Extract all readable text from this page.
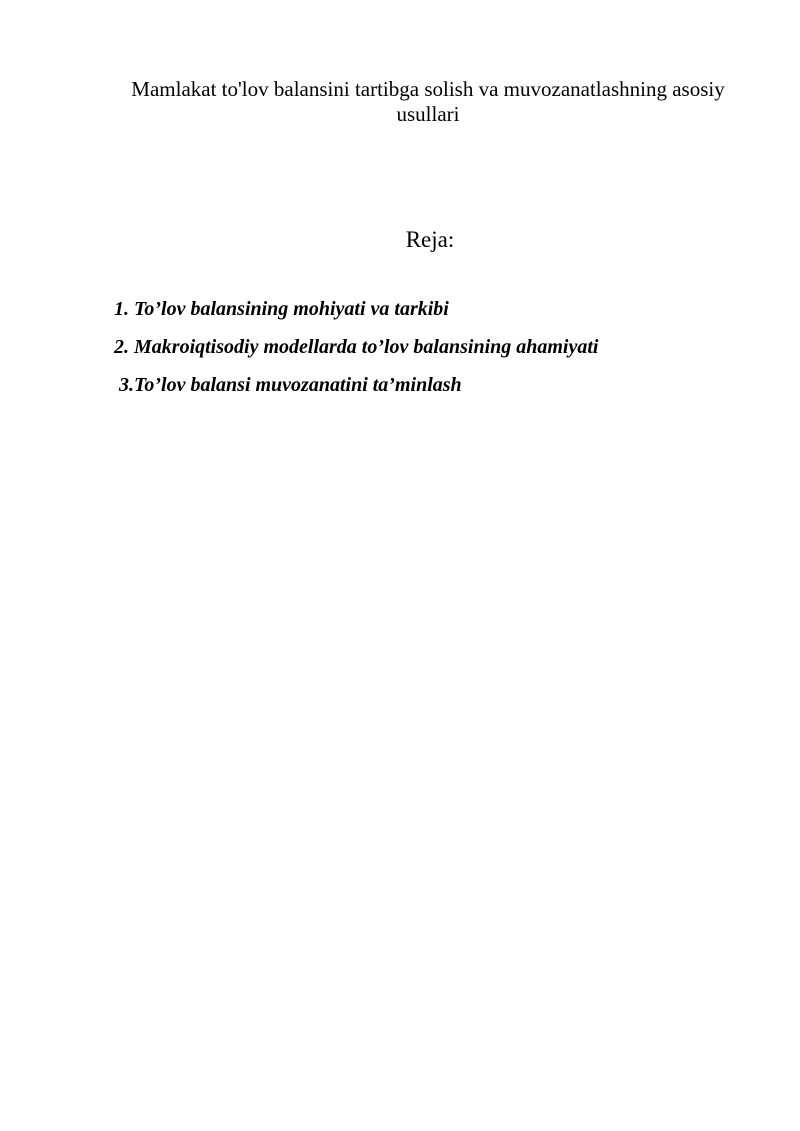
Mamlakat to'lov balansini tartibga solish va muvozanatlashning asosiy usullari
Reja:
1. To’lov balansining mohiyati va tarkibi
2. Makroiqtisodiy modellarda to’lov balansining ahamiyati
3.To’lov balansi muvozanatini ta’minlash
